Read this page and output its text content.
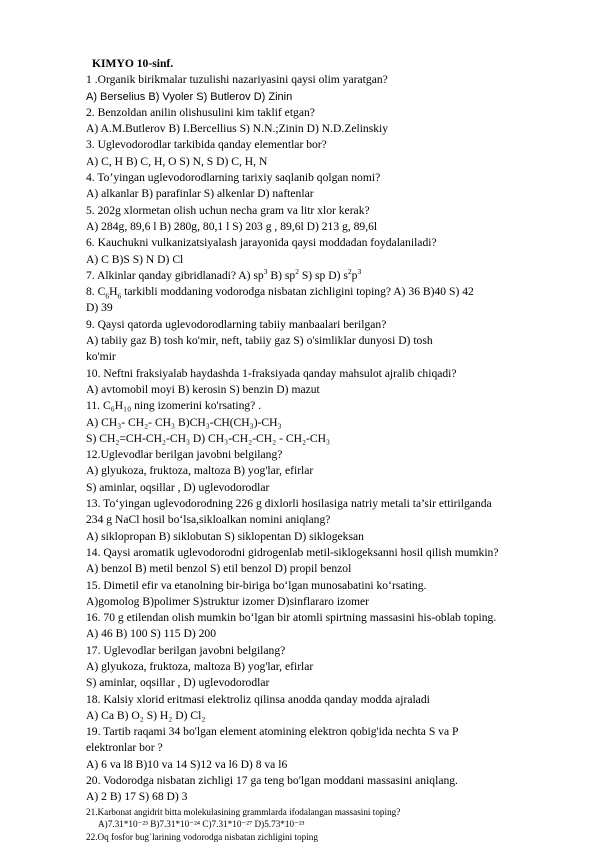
KIMYO 10-sinf.
1 .Organik birikmalar tuzulishi nazariyasini qaysi olim yaratgan?
A) Berselius B) Vyoler S) Butlerov D) Zinin
2. Benzoldan anilin olishusulini kim taklif etgan?
A) A.M.Butlerov B) I.Bercellius S) N.N.;Zinin D) N.D.Zelinskiy
3. Uglevodorodlar tarkibida qanday elementlar bor?
A) C, H B) C, H, O S) N, S D) C, H, N
4. To’yingan uglevodorodlarning tarixiy saqlanib qolgan nomi?
A) alkanlar B) parafinlar S) alkenlar D) naftenlar
5. 202g xlormetan olish uchun necha gram va litr xlor kerak?
A) 284g, 89,6 l B) 280g, 80,1 l S) 203 g , 89,6l D) 213 g, 89,6l
6. Kauchukni vulkanizatsiyalash jarayonida qaysi moddadan foydalaniladi?
A) C B)S S) N D) Cl
7. Alkinlar qanday gibridlanadi? A) $sp^3$ B) $sp^2$ S) sp D) $s^2p^3$
8. $C_6H_6$ tarkibli moddaning vodorodga nisbatan zichligini toping? A) 36 B)40 S) 42
D) 39
9. Qaysi qatorda uglevodorodlarning tabiiy manbaalari berilgan?
A) tabiiy gaz B) tosh ko'mir, neft, tabiiy gaz S) o'simliklar dunyosi D) tosh
ko'mir
10. Neftni fraksiyalab haydashda 1-fraksiyada qanday mahsulot ajralib chiqadi?
A) avtomobil moyi B) kerosin S) benzin D) mazut
11. C₆H₁₀ ning izomerini ko'rsating? .
A) CH₃- CH₂- CH₃ B)CH₃-CH(CH₃)-CH₃
S) CH₂=CH-CH₂-CH₃ D) CH₃-CH₂-CH₂ - CH₂-CH₃
12.Uglevodlar berilgan javobni belgilang?
A) glyukoza, fruktoza, maltoza B) yog'lar, efirlar
S) aminlar, oqsillar , D) uglevodorodlar
13. To‘yingan uglevodorodning 226 g dixlorli hosilasiga natriy metali ta’sir ettirilganda
234 g NaCl hosil bo‘lsa,sikloalkan nomini aniqlang?
A) siklopropan B) siklobutan S) siklopentan D) siklogeksan
14. Qaysi aromatik uglevodorodni gidrogenlab metil-siklogeksanni hosil qilish mumkin?
A) benzol B) metil benzol S) etil benzol D) propil benzol
15. Dimetil efir va etanolning bir-biriga bo‘lgan munosabatini ko‘rsating.
A)gomolog B)polimer S)struktur izomer D)sinflararo izomer
16. 70 g etilendan olish mumkin bo‘lgan bir atomli spirtning massasini his-oblab toping.
A) 46 B) 100 S) 115 D) 200
17. Uglevodlar berilgan javobni belgilang?
A) glyukoza, fruktoza, maltoza B) yog'lar, efirlar
S) aminlar, oqsillar , D) uglevodorodlar
18. Kalsiy xlorid eritmasi elektroliz qilinsa anodda qanday modda ajraladi
A) Ca B) O₂ S) H₂ D) Cl₂
19. Tartib raqami 34 bo'lgan element atomining elektron qobig'ida nechta S va P
elektronlar bor ?
A) 6 va l8 B)10 va 14 S)12 va l6 D) 8 va l6
20. Vodorodga nisbatan zichligi 17 ga teng bo'lgan moddani massasini aniqlang.
A) 2 B) 17 S) 68 D) 3
21.Karbonat angidrit bitta molekulasining grammlarda ifodalangan massasini toping?
A)7.31*10⁻²³ B)7.31*10⁻²⁴ C)7.31*10⁻²⁷ D)5.73*10⁻²³
22.Oq fosfor bug`larining vodorodga nisbatan zichligini toping
